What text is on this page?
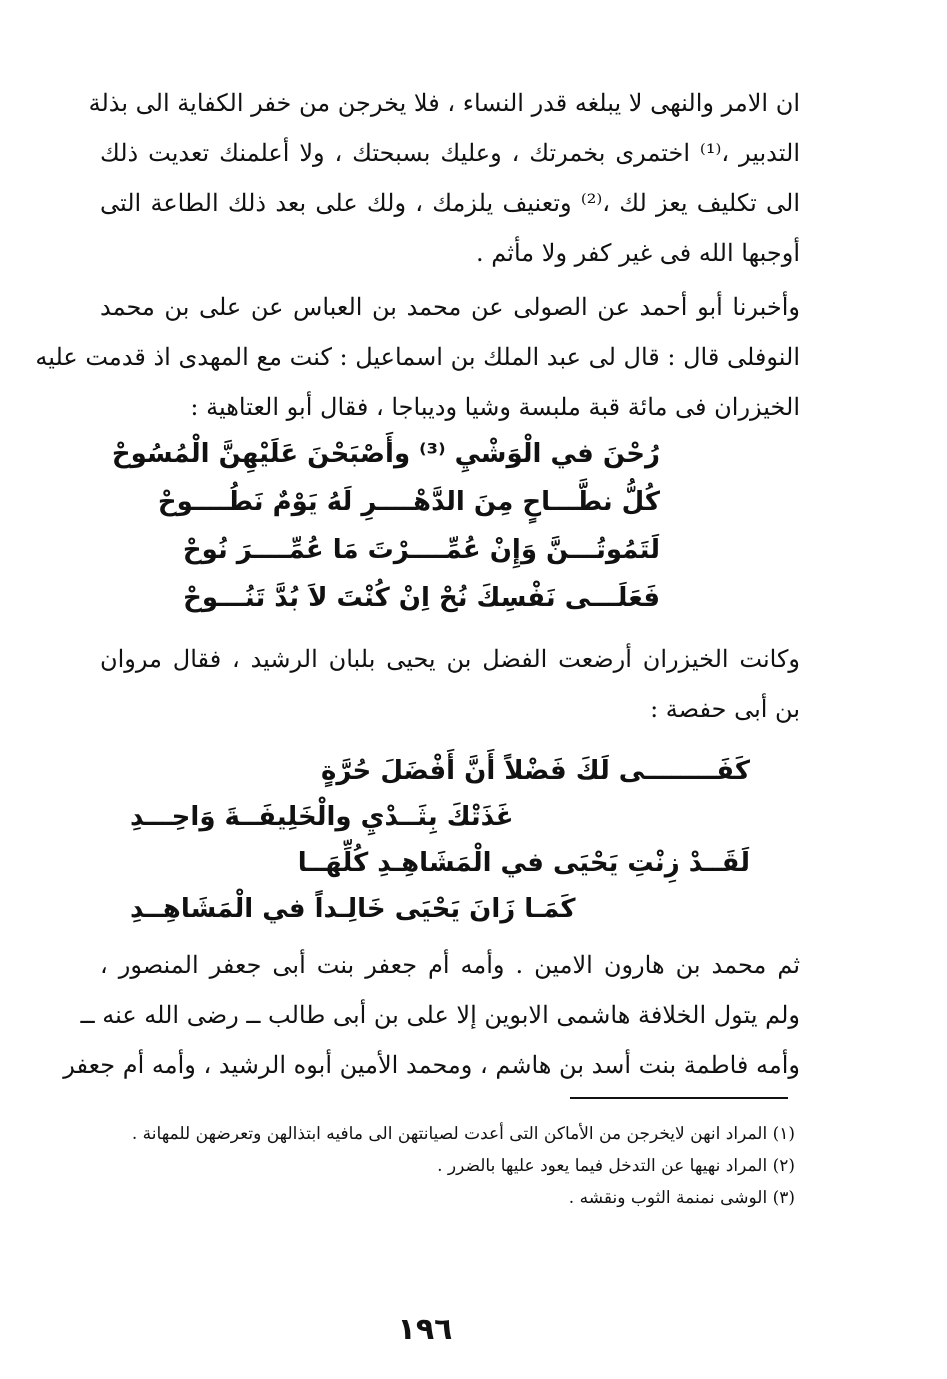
ان الامر والنهى لا يبلغه قدر النساء ، فلا يخرجن من خفر الكفاية الى بذلة
التدبير ،⁽¹⁾ اختمرى بخمرتك ، وعليك بسبحتك ، ولا أعلمنك تعديت ذلك
الى تكليف يعز لك ،⁽²⁾ وتعنيف يلزمك ، ولك على بعد ذلك الطاعة التى
أوجبها الله فى غير كفر ولا مأثم .
وأخبرنا أبو أحمد عن الصولى عن محمد بن العباس عن على بن محمد
النوفلى قال : قال لى عبد الملك بن اسماعيل : كنت مع المهدى اذ قدمت عليه
الخيزران فى مائة قبة ملبسة وشيا وديباجا ، فقال أبو العتاهية :
رُحْنَ في الْوَشْيِ ⁽³⁾ وأَصْبَحْنَ عَلَيْهِنَّ الْمُسُوحْ
كُلُّ نطَّـــاحٍ مِنَ الدَّهْــــرِ لَهُ يَوْمٌ نَطُــــوحْ
لَتَمُوتُـــنَّ وَإِنْ عُمِّــــرْتَ مَا عُمِّــــرَ نُوحْ
فَعَلَـــى نَفْسِكَ نُحْ اِنْ كُنْتَ لاَ بُدَّ تَنُـــوحْ
وكانت الخيزران أرضعت الفضل بن يحيى بلبان الرشيد ، فقال مروان
بن أبى حفصة :
كَفَــــــــى لَكَ فَضْلاً أَنَّ أَفْضَلَ حُرَّةٍ
غَذَتْكَ بِثَــدْيِ والْخَلِيفَــةَ وَاحِـــدِ
لَقَــدْ زِنْتِ يَحْيَى في الْمَشَاهِـدِ كُلِّهَــا
كَمَـا زَانَ يَحْيَى خَالِـداً في الْمَشَاهِــدِ
ثم محمد بن هارون الامين . وأمه أم جعفر بنت أبى جعفر المنصور ،
ولم يتول الخلافة هاشمى الابوين إلا على بن أبى طالب ــ رضى الله عنه ــ
وأمه فاطمة بنت أسد بن هاشم ، ومحمد الأمين أبوه الرشيد ، وأمه أم جعفر
(١) المراد انهن لايخرجن من الأماكن التى أعدت لصيانتهن الى مافيه ابتذالهن وتعرضهن للمهانة .
(٢) المراد نهيها عن التدخل فيما يعود عليها بالضرر .
(٣) الوشى نمنمة الثوب ونقشه .
١٩٦
